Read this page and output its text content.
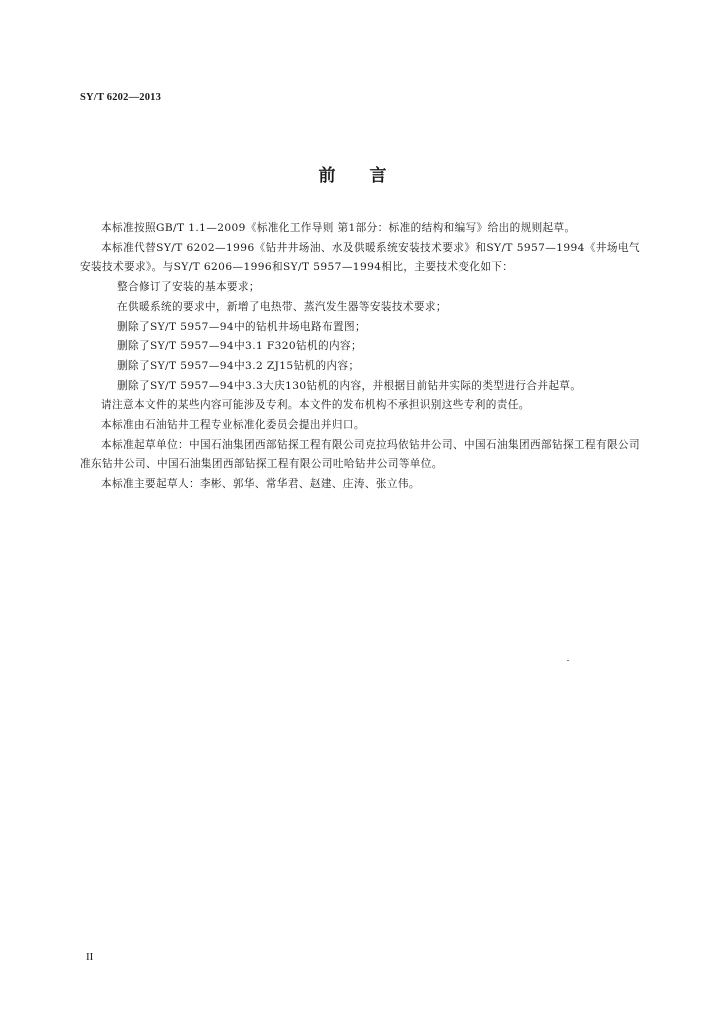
SY/T 6202—2013
前言

本标准按照GB/T 1.1—2009《标准化工作导则 第1部分：标准的结构和编写》给出的规则起草。

本标准代替SY/T 6202—1996《钻井井场油、水及供暖系统安装技术要求》和SY/T 5957—1994《井场电气安装技术要求》。与SY/T 6206—1996和SY/T 5957—1994相比，主要技术变化如下：

整合修订了安装的基本要求；

在供暖系统的要求中，新增了电热带、蒸汽发生器等安装技术要求；

删除了SY/T 5957—94中的钻机井场电路布置图；

删除了SY/T 5957—94中3.1 F320钻机的内容；

删除了SY/T 5957—94中3.2 ZJ15钻机的内容；

删除了SY/T 5957—94中3.3大庆130钻机的内容，并根据目前钻井实际的类型进行合并起草。

请注意本文件的某些内容可能涉及专利。本文件的发布机构不承担识别这些专利的责任。

本标准由石油钻井工程专业标准化委员会提出并归口。

本标准起草单位：中国石油集团西部钻探工程有限公司克拉玛依钻井公司、中国石油集团西部钻探工程有限公司准东钻井公司、中国石油集团西部钻探工程有限公司吐哈钻井公司等单位。

本标准主要起草人：李彬、郭华、常华君、赵建、庄涛、张立伟。

II
